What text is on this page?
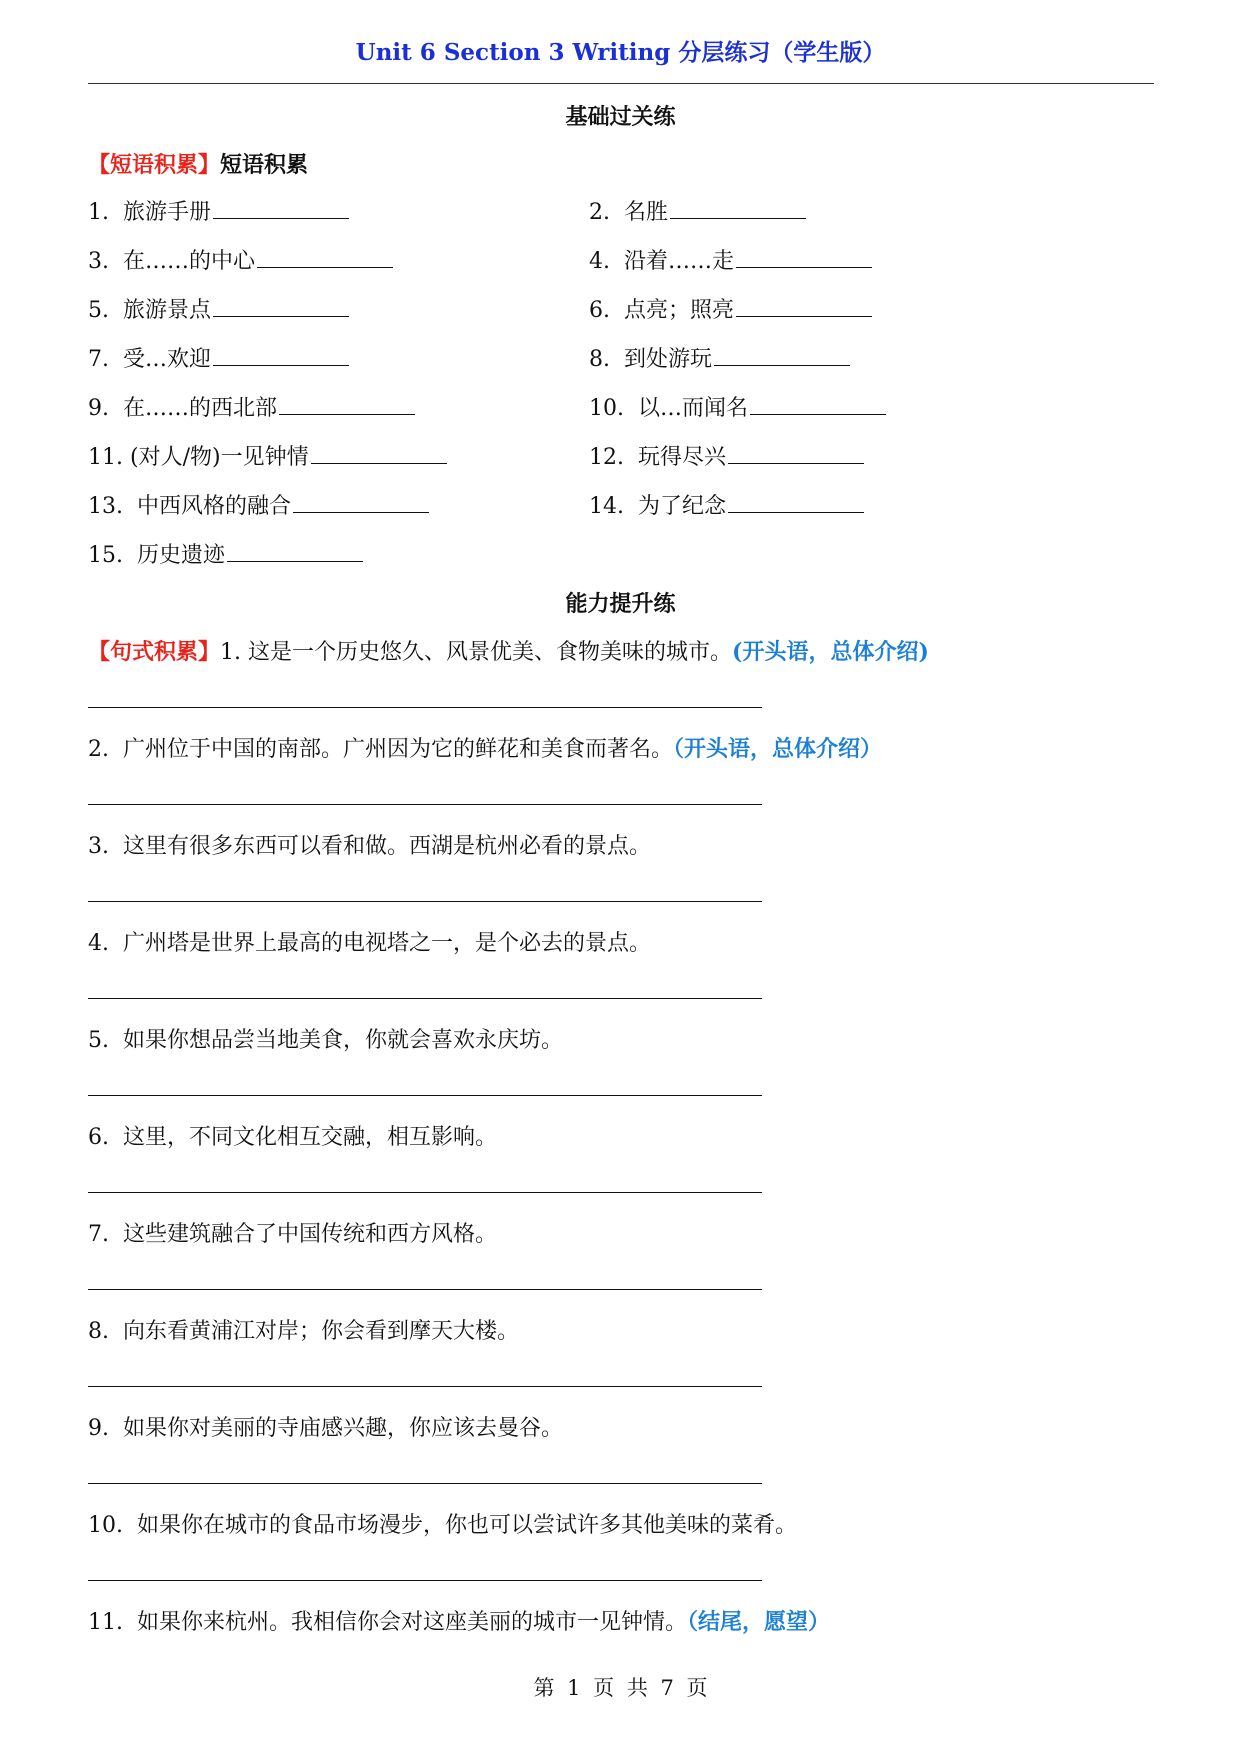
Unit 6 Section 3 Writing 分层练习（学生版）
基础过关练
【短语积累】短语积累
1. 旅游手册	2. 名胜
3. 在……的中心	4. 沿着……走
5. 旅游景点	6. 点亮；照亮
7. 受…欢迎	8. 到处游玩
9. 在……的西北部	10. 以…而闻名
11. (对人/物)一见钟情	12. 玩得尽兴
13. 中西风格的融合	14. 为了纪念
15. 历史遗迹
能力提升练
【句式积累】1. 这是一个历史悠久、风景优美、食物美味的城市。(开头语，总体介绍)
2. 广州位于中国的南部。广州因为它的鲜花和美食而著名。（开头语，总体介绍）
3. 这里有很多东西可以看和做。西湖是杭州必看的景点。
4. 广州塔是世界上最高的电视塔之一，是个必去的景点。
5. 如果你想品尝当地美食，你就会喜欢永庆坊。
6. 这里，不同文化相互交融，相互影响。
7. 这些建筑融合了中国传统和西方风格。
8. 向东看黄浦江对岸；你会看到摩天大楼。
9. 如果你对美丽的寺庙感兴趣，你应该去曼谷。
10. 如果你在城市的食品市场漫步，你也可以尝试许多其他美味的菜肴。
11. 如果你来杭州。我相信你会对这座美丽的城市一见钟情。（结尾，愿望）
第 1 页 共 7 页
